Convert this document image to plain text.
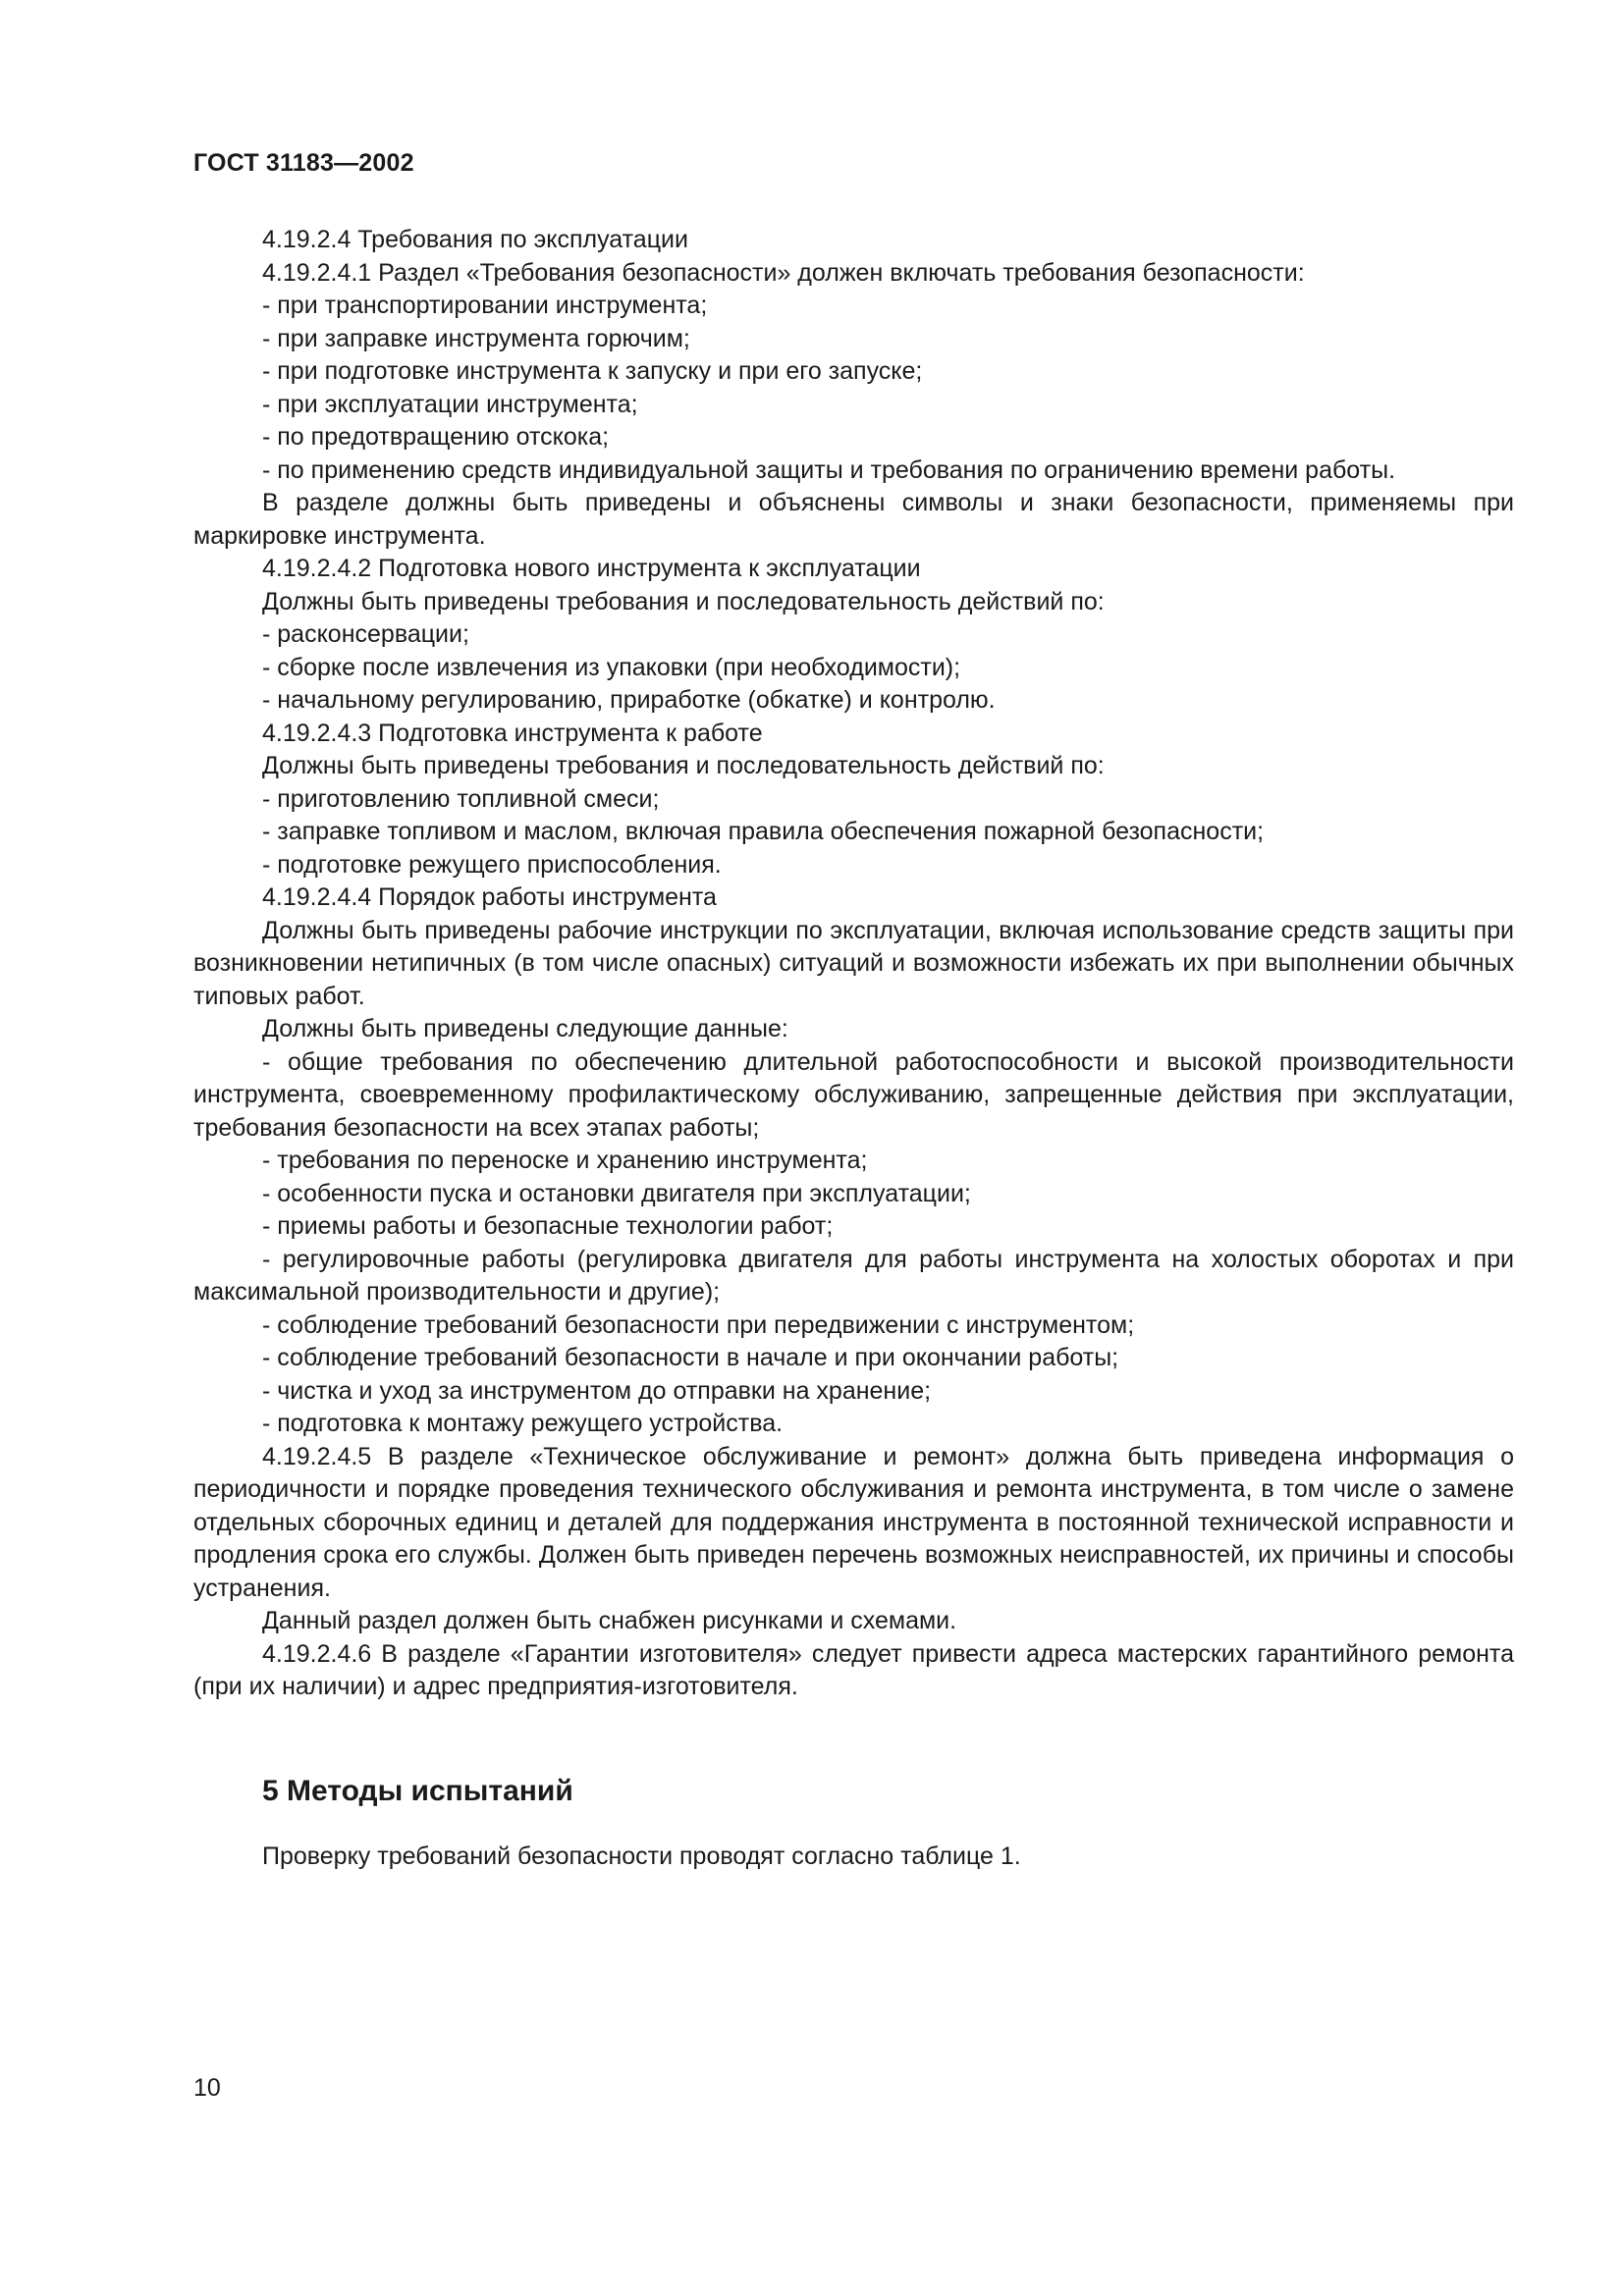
ГОСТ 31183—2002

4.19.2.4 Требования по эксплуатации

4.19.2.4.1 Раздел «Требования безопасности» должен включать требования безопасности:

- при транспортировании инструмента;

- при заправке инструмента горючим;

- при подготовке инструмента к запуску и при его запуске;

- при эксплуатации инструмента;

- по предотвращению отскока;

- по применению средств индивидуальной защиты и требования по ограничению времени работы.

В разделе должны быть приведены и объяснены символы и знаки безопасности, применяемы при маркировке инструмента.

4.19.2.4.2 Подготовка нового инструмента к эксплуатации

Должны быть приведены требования и последовательность действий по:

- расконсервации;

- сборке после извлечения из упаковки (при необходимости);

- начальному регулированию, приработке (обкатке) и контролю.

4.19.2.4.3 Подготовка инструмента к работе

Должны быть приведены требования и последовательность действий по:

- приготовлению топливной смеси;

- заправке топливом и маслом, включая правила обеспечения пожарной безопасности;

- подготовке режущего приспособления.

4.19.2.4.4 Порядок работы инструмента

Должны быть приведены рабочие инструкции по эксплуатации, включая использование средств защиты при возникновении нетипичных (в том числе опасных) ситуаций и возможности избежать их при выполнении обычных типовых работ.

Должны быть приведены следующие данные:

- общие требования по обеспечению длительной работоспособности и высокой производительности инструмента, своевременному профилактическому обслуживанию, запрещенные действия при эксплуатации, требования безопасности на всех этапах работы;

- требования по переноске и хранению инструмента;

- особенности пуска и остановки двигателя при эксплуатации;

- приемы работы и безопасные технологии работ;

- регулировочные работы (регулировка двигателя для работы инструмента на холостых оборотах и при максимальной производительности и другие);

- соблюдение требований безопасности при передвижении с инструментом;

- соблюдение требований безопасности в начале и при окончании работы;

- чистка и уход за инструментом до отправки на хранение;

- подготовка к монтажу режущего устройства.

4.19.2.4.5 В разделе «Техническое обслуживание и ремонт» должна быть приведена информация о периодичности и порядке проведения технического обслуживания и ремонта инструмента, в том числе о замене отдельных сборочных единиц и деталей для поддержания инструмента в постоянной технической исправности и продления срока его службы. Должен быть приведен перечень возможных неисправностей, их причины и способы устранения.

Данный раздел должен быть снабжен рисунками и схемами.

4.19.2.4.6 В разделе «Гарантии изготовителя» следует привести адреса мастерских гарантийного ремонта (при их наличии) и адрес предприятия-изготовителя.

5 Методы испытаний
Проверку требований безопасности проводят согласно таблице 1.
10
